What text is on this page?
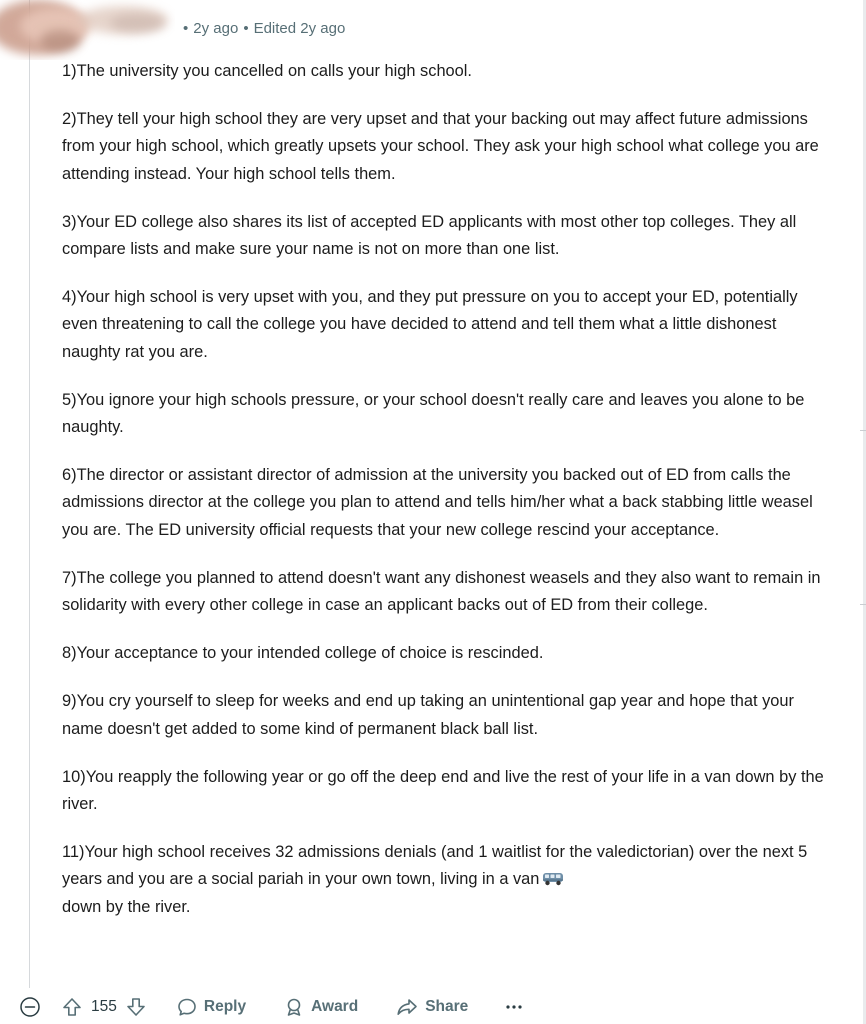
• 2y ago • Edited 2y ago

1)The university you cancelled on calls your high school.

2)They tell your high school they are very upset and that your backing out may affect future admissions from your high school, which greatly upsets your school. They ask your high school what college you are attending instead. Your high school tells them.

3)Your ED college also shares its list of accepted ED applicants with most other top colleges. They all compare lists and make sure your name is not on more than one list.

4)Your high school is very upset with you, and they put pressure on you to accept your ED, potentially even threatening to call the college you have decided to attend and tell them what a little dishonest naughty rat you are.

5)You ignore your high schools pressure, or your school doesn't really care and leaves you alone to be naughty.

6)The director or assistant director of admission at the university you backed out of ED from calls the admissions director at the college you plan to attend and tells him/her what a back stabbing little weasel you are. The ED university official requests that your new college rescind your acceptance.

7)The college you planned to attend doesn't want any dishonest weasels and they also want to remain in solidarity with every other college in case an applicant backs out of ED from their college.

8)Your acceptance to your intended college of choice is rescinded.

9)You cry yourself to sleep for weeks and end up taking an unintentional gap year and hope that your name doesn't get added to some kind of permanent black ball list.

10)You reapply the following year or go off the deep end and live the rest of your life in a van down by the river.

11)Your high school receives 32 admissions denials (and 1 waitlist for the valedictorian) over the next 5 years and you are a social pariah in your own town, living in a van
down by the river.

155	Reply	Award	Share
